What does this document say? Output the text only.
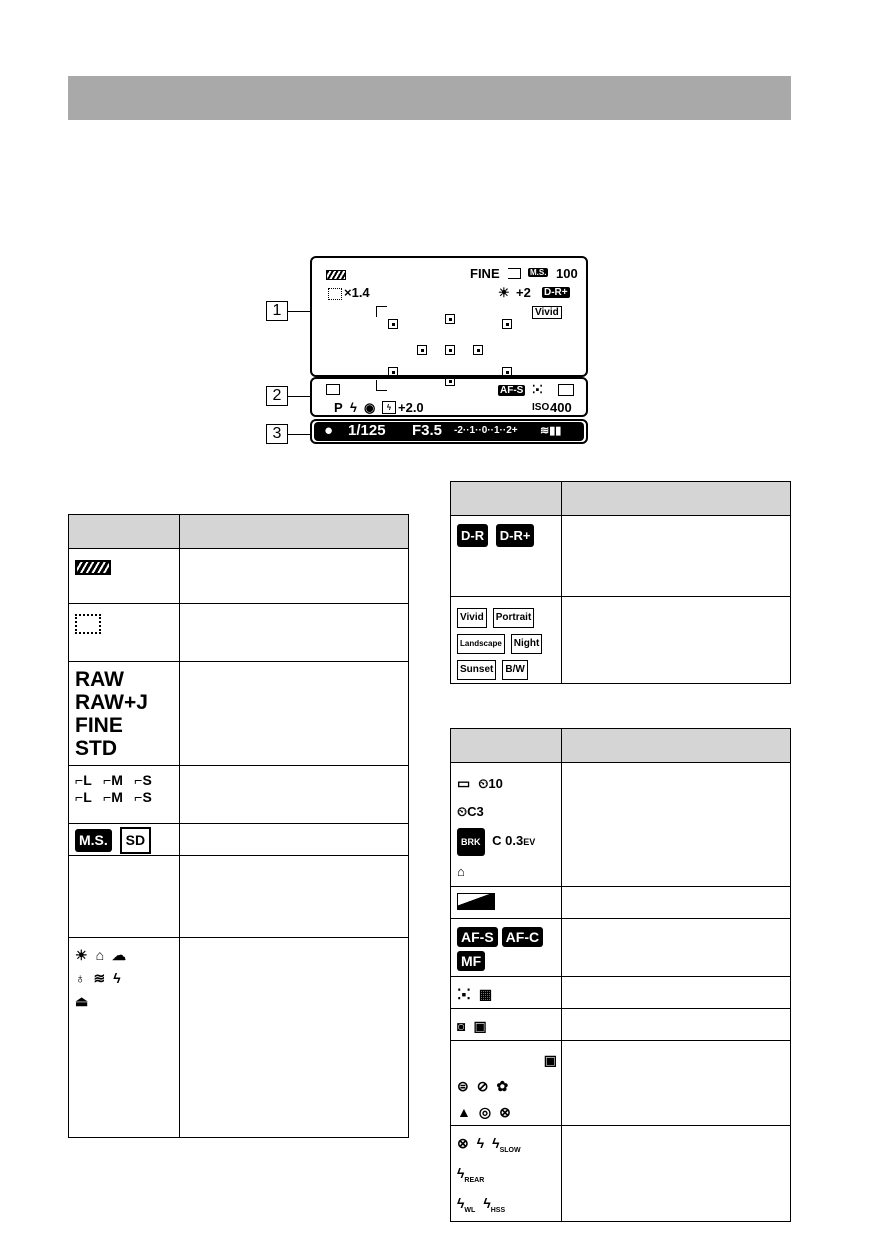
1
2
3
FINE	M.S. 100
×1.4	☀ +2 D-R+
Vivid
AF-S ⁚▪⁚
P ϟ ◉	ϟ +2.0	ISO 400
● 1/125 F3.5 -2··1··0··1··2+ ≋▮▮

RAW
RAW+J
FINE
STD	

⌐L ⌐M ⌐S
⌐L ⌐M ⌐S	

M.S. SD	

☀ ⌂ ☁
♁ ≋ ϟ
⏏	

D-R D-R+	

Vivid Portrait
Landscape Night
Sunset B/W	

▭ ⏲10
⏲C3
BRK C 0.3EV
⌂	

AF-S AF-C
MF	
⁚▪⁚ ▦	
◙ ▣	

▣
⊜ ⊘ ✿
▲ ◎ ⊗	

⊗ ϟ $ϟ_{SLOW}ϟ_{REAR}$
$ϟ_{WL}$ $ϟ_{HSS}$
